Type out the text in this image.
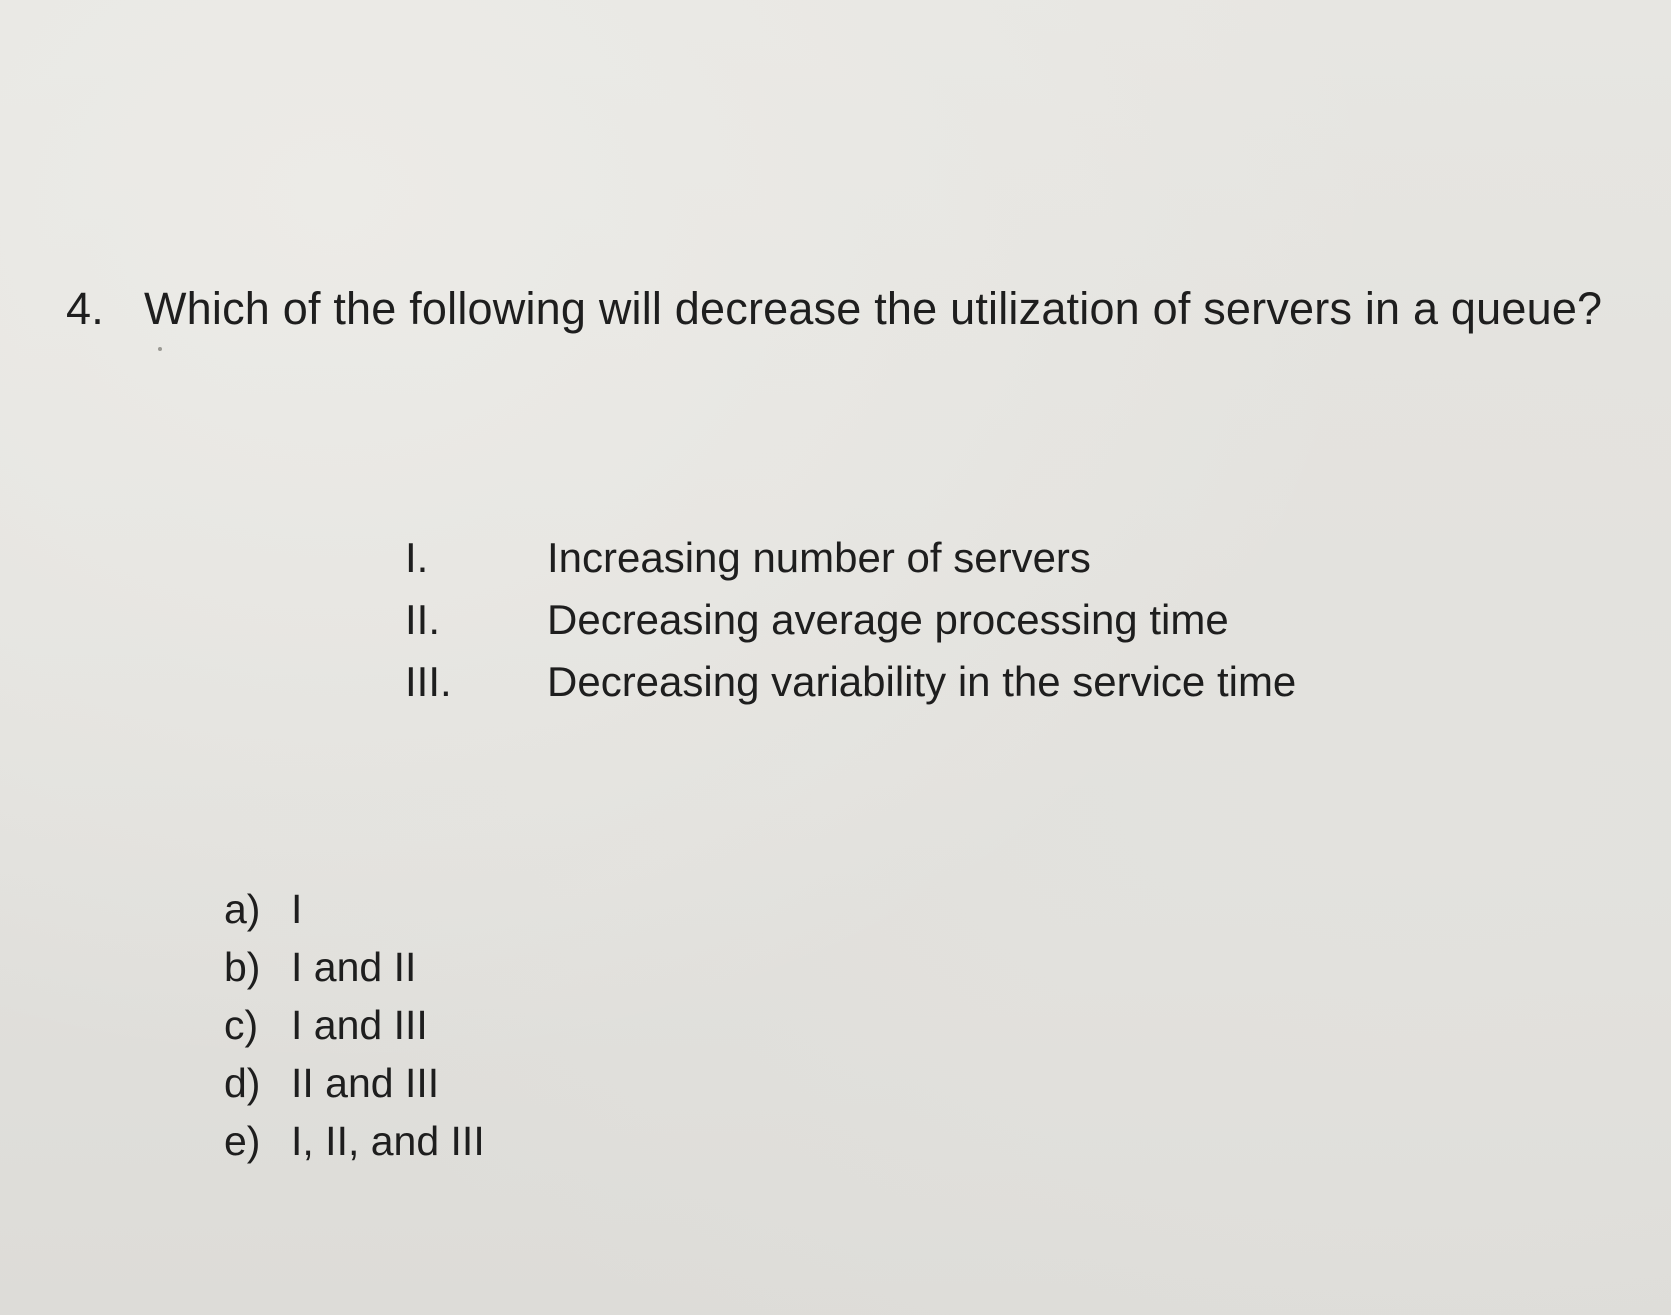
4. Which of the following will decrease the utilization of servers in a queue?
I.	Increasing number of servers
II.	Decreasing average processing time
III. Decreasing variability in the service time
a) I
b) I and II
c) I and III
d) II and III
e) I, II, and III
